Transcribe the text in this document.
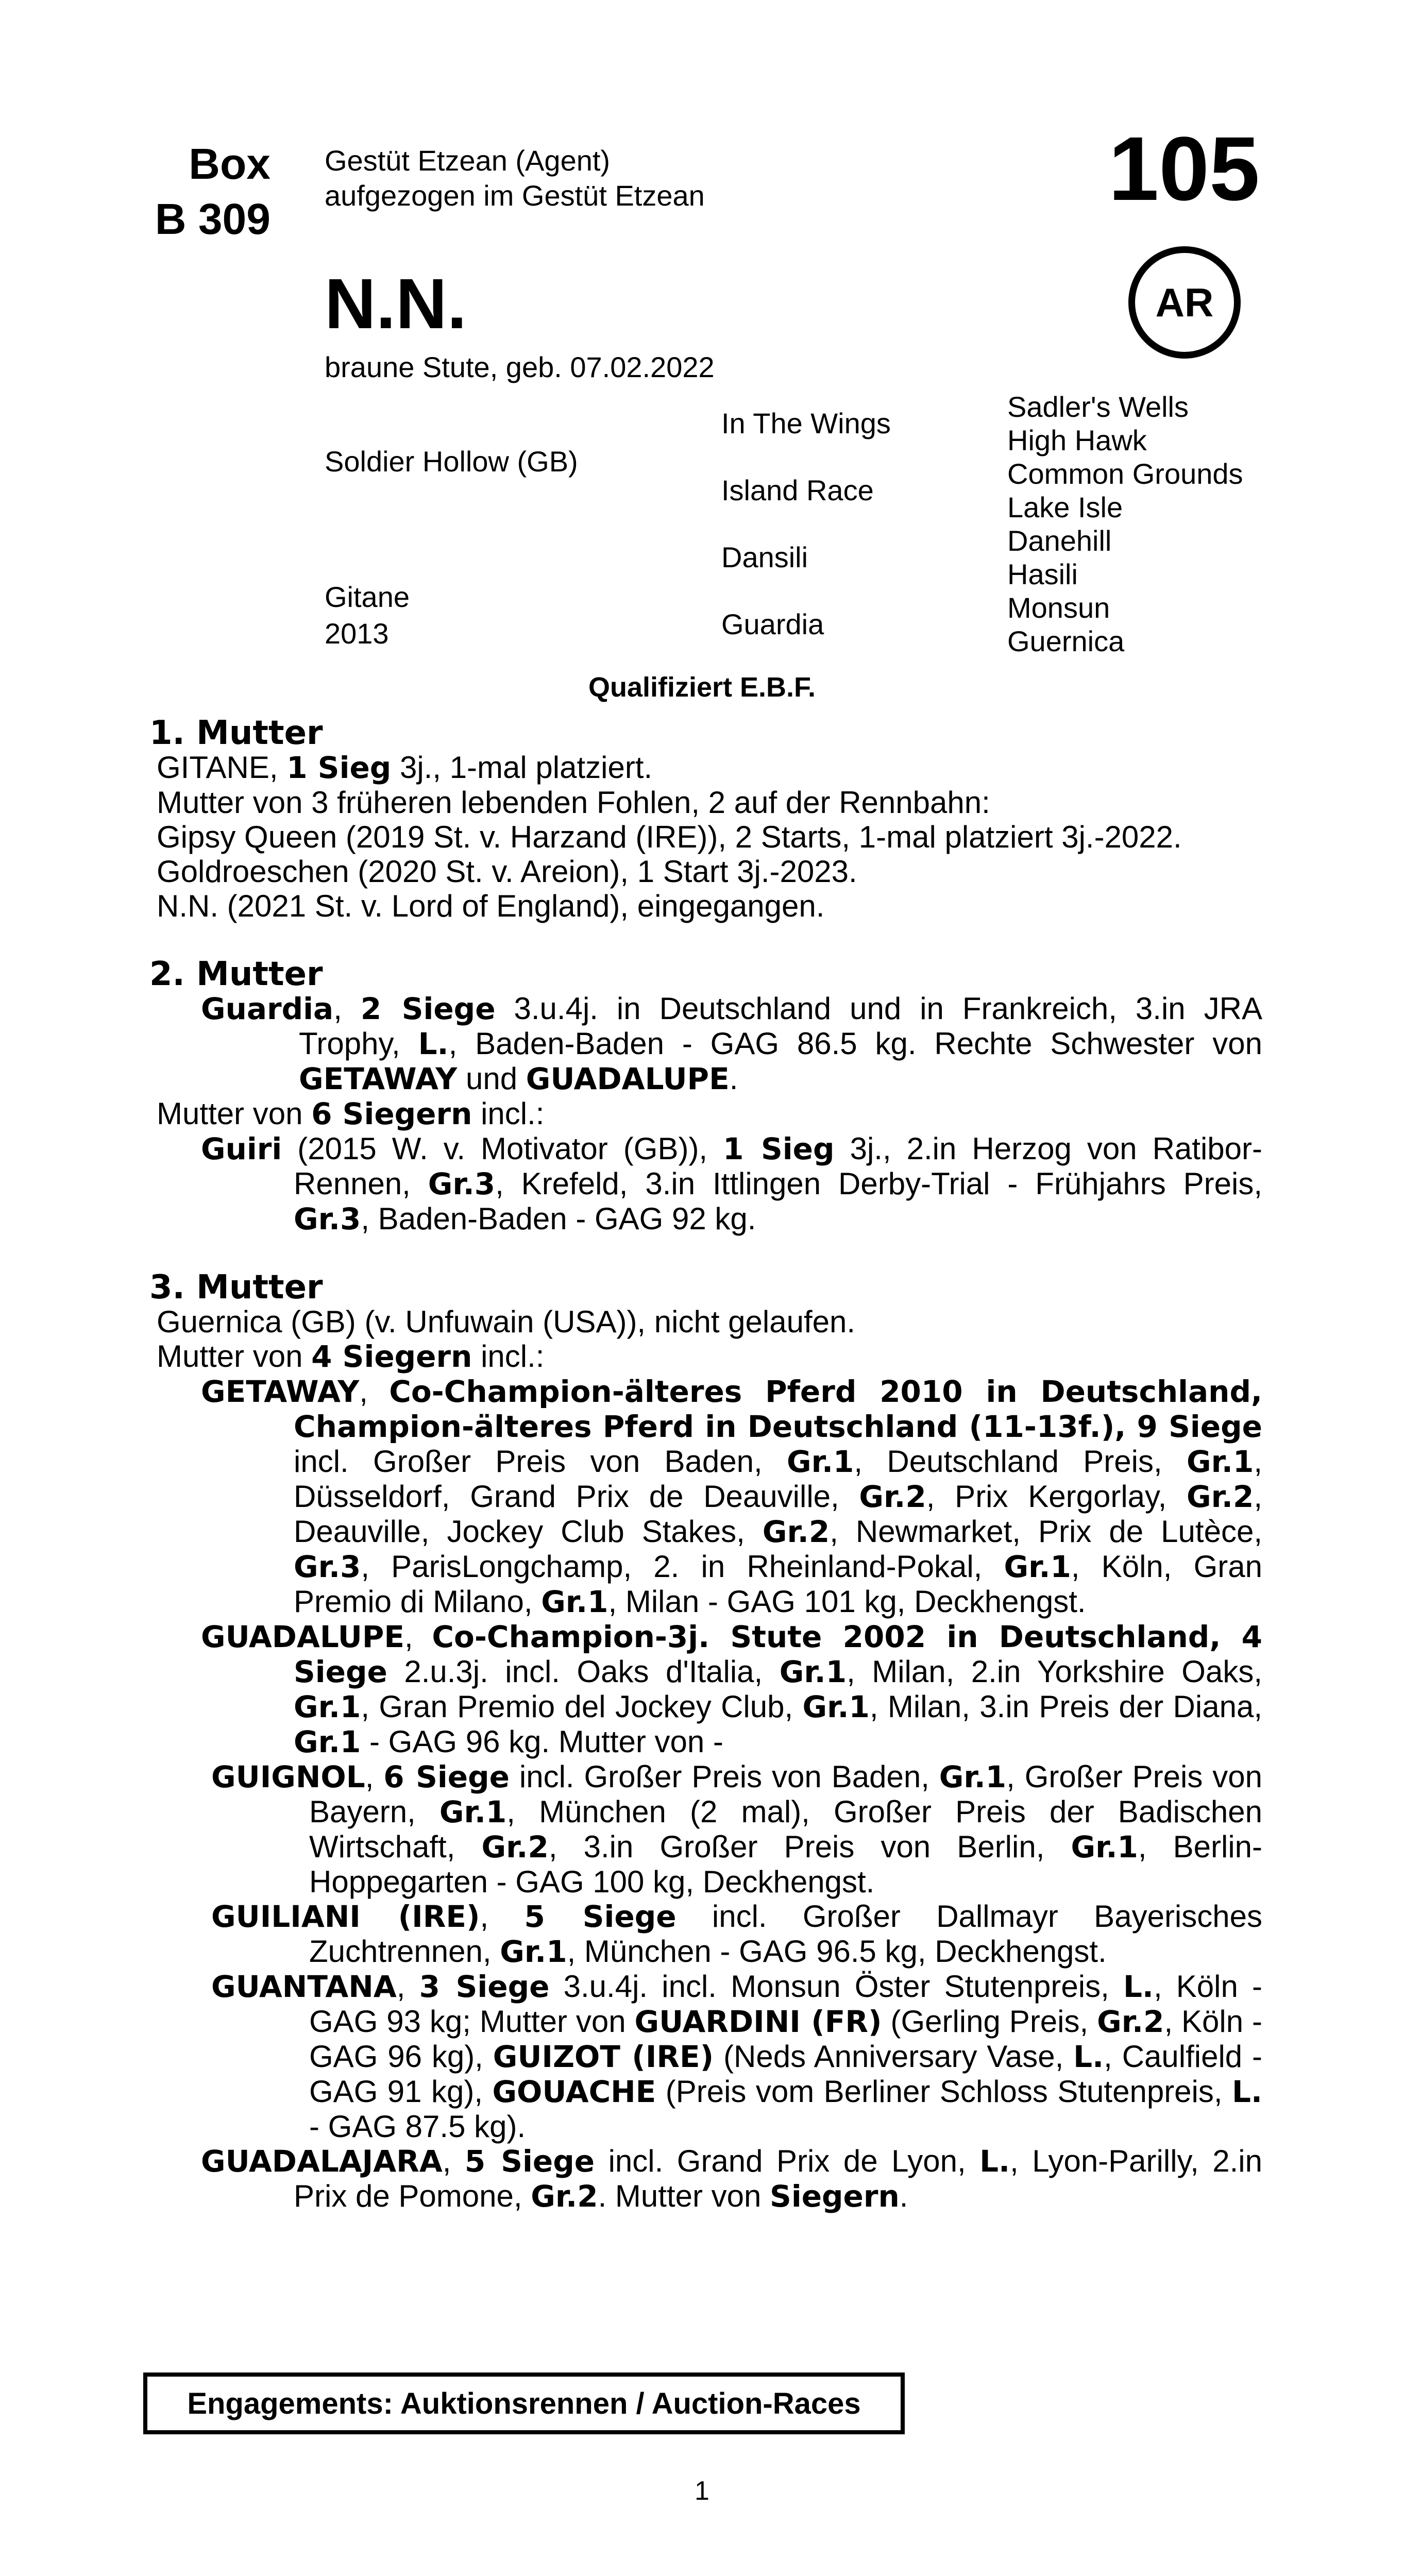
Box
B 309
Gestüt Etzean (Agent)
aufgezogen im Gestüt Etzean	105
AR
N.N.
braune Stute, geb. 07.02.2022
Soldier Hollow (GB)
Gitane
2013
In The Wings
Island Race
Dansili
Guardia
Sadler's Wells
High Hawk
Common Grounds
Lake Isle
Danehill
Hasili
Monsun
Guernica
Qualifiziert E.B.F.
1. Mutter
GITANE, 1 Sieg 3j., 1-mal platziert.
Mutter von 3 früheren lebenden Fohlen, 2 auf der Rennbahn:
Gipsy Queen (2019 St. v. Harzand (IRE)), 2 Starts, 1-mal platziert 3j.-2022.
Goldroeschen (2020 St. v. Areion), 1 Start 3j.-2023.
N.N. (2021 St. v. Lord of England), eingegangen.
2. Mutter
Guardia, 2 Siege 3.u.4j. in Deutschland und in Frankreich, 3.in JRA Trophy, L., Baden-Baden - GAG 86.5 kg. Rechte Schwester von GETAWAY und GUADALUPE.
Mutter von 6 Siegern incl.:
Guiri (2015 W. v. Motivator (GB)), 1 Sieg 3j., 2.in Herzog von Ratibor-Rennen, Gr.3, Krefeld, 3.in Ittlingen Derby-Trial - Frühjahrs Preis, Gr.3, Baden-Baden - GAG 92 kg.
3. Mutter
Guernica (GB) (v. Unfuwain (USA)), nicht gelaufen.
Mutter von 4 Siegern incl.:
GETAWAY, Co-Champion-älteres Pferd 2010 in Deutschland, Champion-älteres Pferd in Deutschland (11-13f.), 9 Siege incl. Großer Preis von Baden, Gr.1, Deutschland Preis, Gr.1, Düsseldorf, Grand Prix de Deauville, Gr.2, Prix Kergorlay, Gr.2, Deauville, Jockey Club Stakes, Gr.2, Newmarket, Prix de Lutèce, Gr.3, ParisLongchamp, 2. in Rheinland-Pokal, Gr.1, Köln, Gran Premio di Milano, Gr.1, Milan - GAG 101 kg, Deckhengst.
GUADALUPE, Co-Champion-3j. Stute 2002 in Deutschland, 4 Siege 2.u.3j. incl. Oaks d'Italia, Gr.1, Milan, 2.in Yorkshire Oaks, Gr.1, Gran Premio del Jockey Club, Gr.1, Milan, 3.in Preis der Diana, Gr.1 - GAG 96 kg. Mutter von -
GUIGNOL, 6 Siege incl. Großer Preis von Baden, Gr.1, Großer Preis von Bayern, Gr.1, München (2 mal), Großer Preis der Badischen Wirtschaft, Gr.2, 3.in Großer Preis von Berlin, Gr.1, Berlin-Hoppegarten - GAG 100 kg, Deckhengst.
GUILIANI (IRE), 5 Siege incl. Großer Dallmayr Bayerisches Zuchtrennen, Gr.1, München - GAG 96.5 kg, Deckhengst.
GUANTANA, 3 Siege 3.u.4j. incl. Monsun Öster Stutenpreis, L., Köln - GAG 93 kg; Mutter von GUARDINI (FR) (Gerling Preis, Gr.2, Köln - GAG 96 kg), GUIZOT (IRE) (Neds Anniversary Vase, L., Caulfield - GAG 91 kg), GOUACHE (Preis vom Berliner Schloss Stutenpreis, L. - GAG 87.5 kg).
GUADALAJARA, 5 Siege incl. Grand Prix de Lyon, L., Lyon-Parilly, 2.in Prix de Pomone, Gr.2. Mutter von Siegern.
Engagements: Auktionsrennen / Auction-Races
1
